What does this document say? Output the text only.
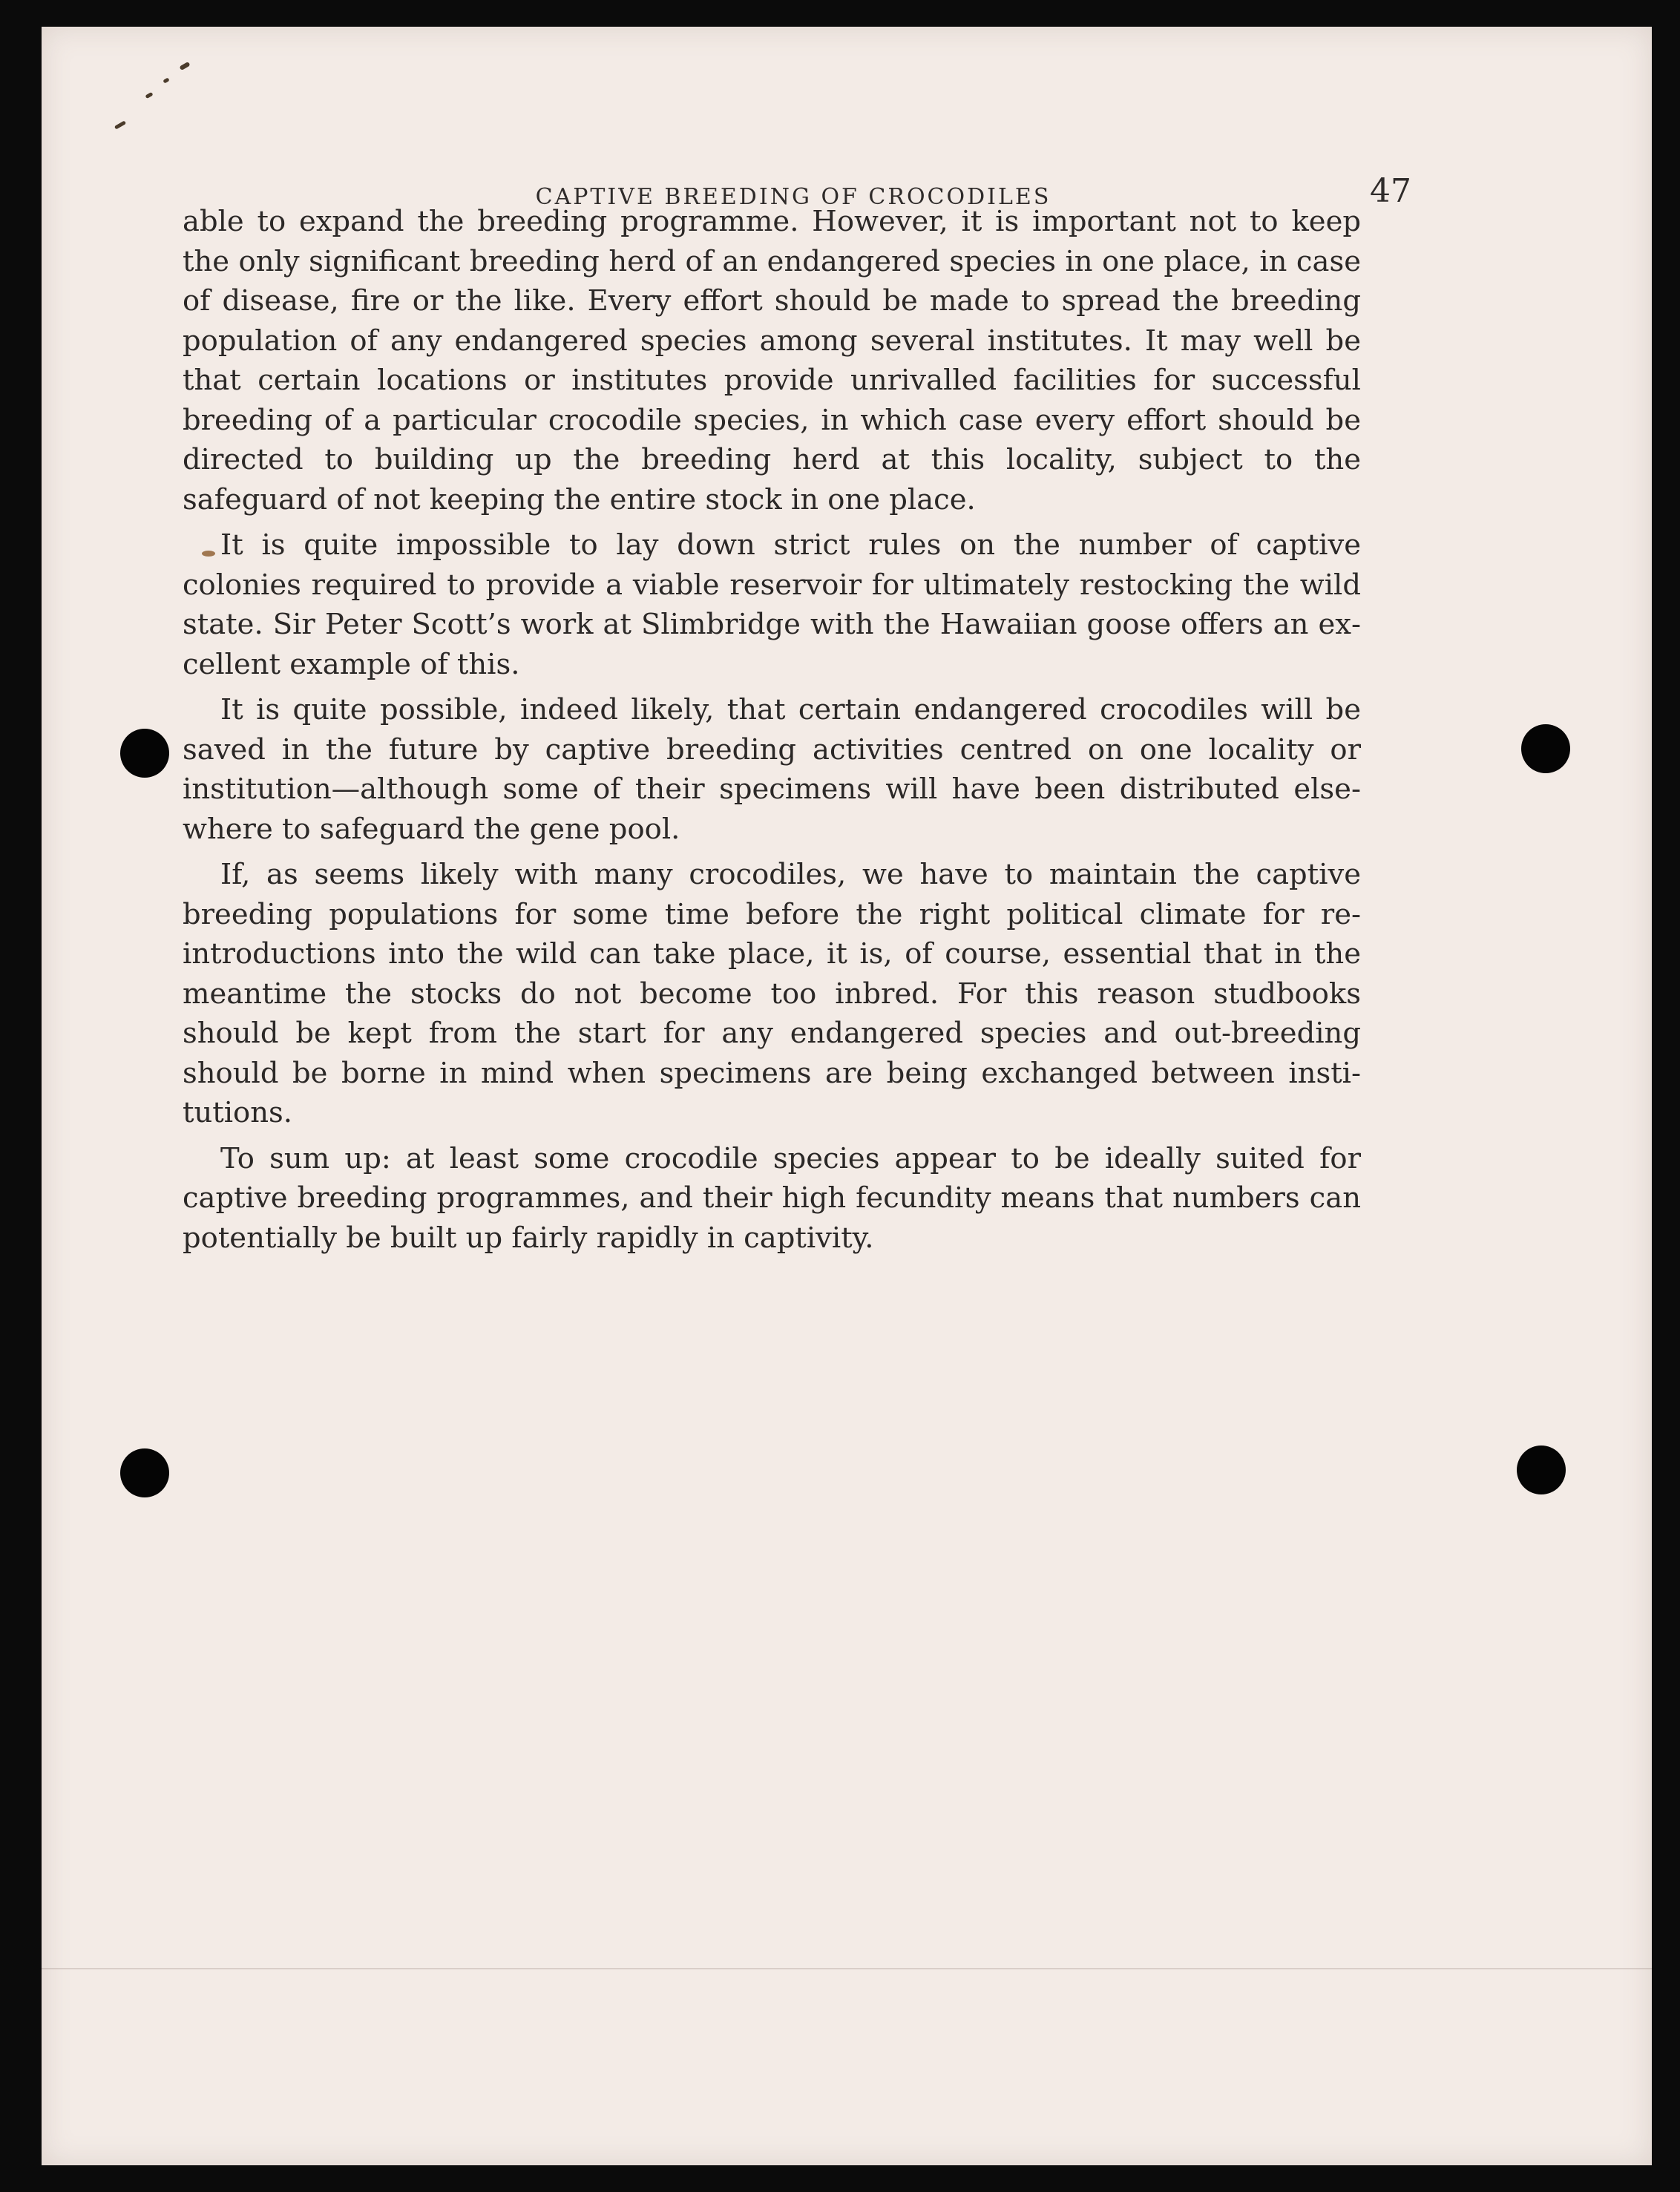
CAPTIVE BREEDING OF CROCODILES	47

able to expand the breeding programme. However, it is important not to keep the only significant breeding herd of an endangered species in one place, in case of disease, fire or the like. Every effort should be made to spread the breeding population of any endangered species among several institutes. It may well be that certain locations or institutes provide unrivalled facilities for successful breeding of a particular crocodile species, in which case every effort should be directed to building up the breeding herd at this locality, subject to the safeguard of not keeping the entire stock in one place.

It is quite impossible to lay down strict rules on the number of captive colonies required to provide a viable reservoir for ultimately restocking the wild state. Sir Peter Scott’s work at Slimbridge with the Hawaiian goose offers an excellent example of this.

It is quite possible, indeed likely, that certain endangered crocodiles will be saved in the future by captive breeding activities centred on one locality or institution—although some of their specimens will have been distributed elsewhere to safeguard the gene pool.

If, as seems likely with many crocodiles, we have to maintain the captive breeding populations for some time before the right political climate for reintroductions into the wild can take place, it is, of course, essential that in the meantime the stocks do not become too inbred. For this reason studbooks should be kept from the start for any endangered species and out-breeding should be borne in mind when specimens are being exchanged between institutions.

To sum up: at least some crocodile species appear to be ideally suited for captive breeding programmes, and their high fecundity means that numbers can potentially be built up fairly rapidly in captivity.
